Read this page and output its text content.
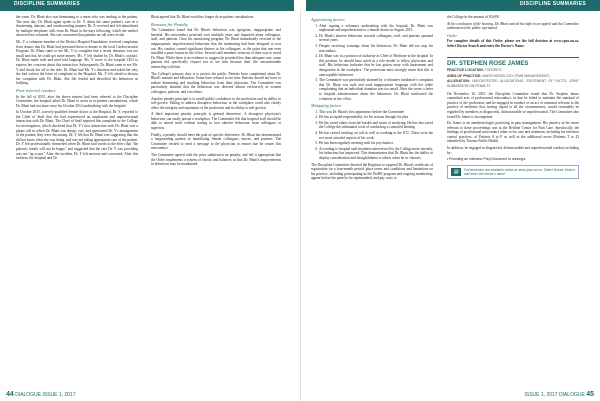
DISCIPLINE SUMMARIES	DISCIPLINE SUMMARIES

the room. Dr. Bhatt also was demeaning to a nurse who was tending to the patient. The next day, Dr. Bhatt again spoke to Dr. X about the same patient's care in a threatening, abusive, and condescending manner. Dr. X received and felt intimidated by multiple telephone calls from Dr. Bhatt in the days following, which she neither answered nor returned. She was concerned that patients on call were at risk.

Ms. Y, a volunteer member of the District Hospital Foundation, received complaints from donors that Dr. Bhatt had pressured them to donate to the local Cardiovascular Program. Dr. Bhatt came to see Ms. Y to complain that a recent donation was too small and that he could get more money. Ms. Y felt shaken by Dr. Bhatt's conduct. Dr. Bhatt made rude and used foul language. Ms. Y wrote to the hospital CEO to express her concerns about this interaction. Subsequently, Dr. Bhatt came to see Ms. Y and shook her off to the side. Dr. Bhatt had Ms. Y's donation and asked her why she had written the letter of complaint to the Hospital. Ms. Y felt afraid to discuss her complaint with Dr. Bhatt. She felt fearful and described his behaviour as bullying.

Post-referral conduct

In the fall of 2015, after the above matters had been referred to the Discipline Committee, the hospital asked Dr. Bhatt to assist in in-patient consultations, which Dr. Bhatt had not done since his October 2014 undertaking with the hospital.

In October 2015, a newly-qualified female doctor at the Hospital, Dr. Y, reported to the Chief of Staff that she had experienced an unpleasant and unprofessional interaction with Dr. Bhatt. The Chief of Staff reported this complaint to the College for investigation, which disclosed that Dr. Y's first interaction with Dr. Bhatt was a phone call in which Dr. Bhatt was abrupt, curt, and questioned Dr. Y's management of the patient; they were discussing. Dr. Y felt that Dr. Bhatt was suggesting that she did not know what she was doing, and was not taking appropriate care of the patient. Dr. Y felt professionally threatened when Dr. Bhatt said words to the effect that "the patient's family will not be happy" and suggested that the care Dr. Y was providing was not "up to par." After the incident, Dr. Y felt anxious and concerned. After this incident, the hospital and Dr.

Bhatt agreed that Dr. Bhatt would no longer do in-patient consultations.

Reasons for Penalty

The Committee found that Dr. Bhatt's behaviour was egregious, inappropriate, and harmful. His misconduct persisted over multiple years and impacted many colleagues, staff, and patients. Once his monitoring program, Dr. Bhatt immediately reverted to the inappropriate, unprofessional behaviour that the monitoring had been designed to root out. His conduct caused significant distress to his colleagues, to the point that one even installed a panic button in her office. Several staff members went out of their way to avoid Dr. Bhatt. While there is no evidence to suggest he provided less than adequate care, some patients did specifically request not to see him because their life uncomfortable interacting with him.

The College's primary duty is to protect the public. Patients have complained about Dr. Bhatt's manner and behaviour. Some have refused to see him. Patients should not have to endure demeaning and insulting behaviour from their physician. The Committee was particularly alarmed that the behaviour was directed almost exclusively at women colleagues, patients, and coworkers.

Another penalty principle is to instill public confidence in the profession and its ability to self-govern. Failing to address disruptive behaviour in the workplace could also clearly affect the integrity and reputation of the profession and its ability to self-govern.

A third important penalty principle is general deterrence. A disruptive physician's behaviour can easily poison a workplace. The Committee felt that hospital staff should be able to attend work without having to face abusive behaviour from colleagues or superiors.

Finally, a penalty should meet the goal of specific deterrence. Dr. Bhatt has demonstrated a longstanding pattern of humiliating female colleagues, nurses, and patients. The Committee wished to send a message to the physician to ensure that he ceases this misconduct.

The Committee agreed with the prior submission on penalty, and felt it appropriate that the Order implements a system of checks and balances so that Dr. Bhatt's improvements in behaviour may be maintained.

Aggravating factors
1. After signing a voluntary undertaking with the hospital, Dr. Bhatt was unpleasant and unprofessional to a female doctor in August 2015.
2. Dr. Bhatt's abusive behaviour towards colleagues, staff, and patients spanned several years.
3. Despite receiving warnings about his behaviour, Dr. Bhatt did not stop his misconduct.
4. Dr. Bhatt was in a position of authority as Chief of Medicine at the hospital. In this position, he should have acted as a role model to fellow physicians and staff. His behaviour indicates that he has gotten away with harassment and denigration in the workplace. The profession must strongly assert that this is unacceptable behaviour.
5. The Committee was particularly alarmed by a volunteer fundraiser's complaint that Dr. Bhatt was rude and used inappropriate language with her while complaining that an individual donation was too small. After she wrote a letter to hospital administrators about the behaviour, Dr. Bhatt confronted the volunteer in her office.
Mitigating factors
1. This was Dr. Bhatt's first appearance before the Committee.
2. He has accepted responsibility for his actions through his plea.
3. He has saved others from the burden and strain of testifying. He has also saved the College the substantial costs of conducting a contested hearing.
4. He has ceased working on call as well as working in the ICU. These were the two most stressful aspects of his work.
5. He has been regularly meeting with his psychiatrist.
6. According to hospital staff members interviewed by the College more recently, his behaviour has improved. This demonstrates that Dr. Bhatt has the ability to display consideration and thoughtfulness to others when he so chooses.

The Discipline Committee directed the Registrar to suspend Dr. Bhatt's certificate of registration for a four-month period; place terms and conditions and limitations on his practice, including participating in the ProBE program and ongoing monitoring; appear before the panel to be reprimanded; and pay costs to

the College in the amount of $5,000.

At the conclusion of the hearing, Dr. Bhatt waived his right to an appeal and the Committee administered the public reprimand.

Order

For complete details of this Order, please see the full decision at www.cpso.on.ca. Select Doctor Search and enter the Doctor's Name.

DR. STEPHEN ROSE JAMES
PRACTICE LOCATION: TORONTO
AREA OF PRACTICE: ANESTHESIOLOGY (PAIN MANAGEMENT)
ALLEGATION: UNCONTESTED ALLEGATIONS, STATEMENT OF FACTS, JOINT SUBMISSION ON PENALTY

On November 16, 2015, the Discipline Committee found that Dr. Stephen James committed acts of professional misconduct, in that he failed to maintain the standard of practice of the profession; and he engaged in conduct or an act or omission relevant to the practice of medicine that, having regard to all the circumstances, would reasonably be regarded by members as disgraceful, dishonourable or unprofessional. The Committee also found Dr. James is incompetent.

Dr. James is an anesthesiologist practising in pain management. His practice at the times relevant to these proceedings was at the Beltline Centre for Pain Care. Specifically, the findings of professional misconduct relate to his care and treatment, including his infection control practices, of Patients A to F as well as the additional seven (Patients T to Z) identified by Toronto Public Health.

In addition, he engaged in disgraceful, dishonourable and unprofessional conduct including by:

• Providing an Interview Prep Document to nursing ▸
▤	Full decisions are available online at www.cpso.on.ca. Select Doctor Search and enter the doctor's name.
44 DIALOGUE ISSUE 1, 2017	ISSUE 1, 2017 DIALOGUE 45
